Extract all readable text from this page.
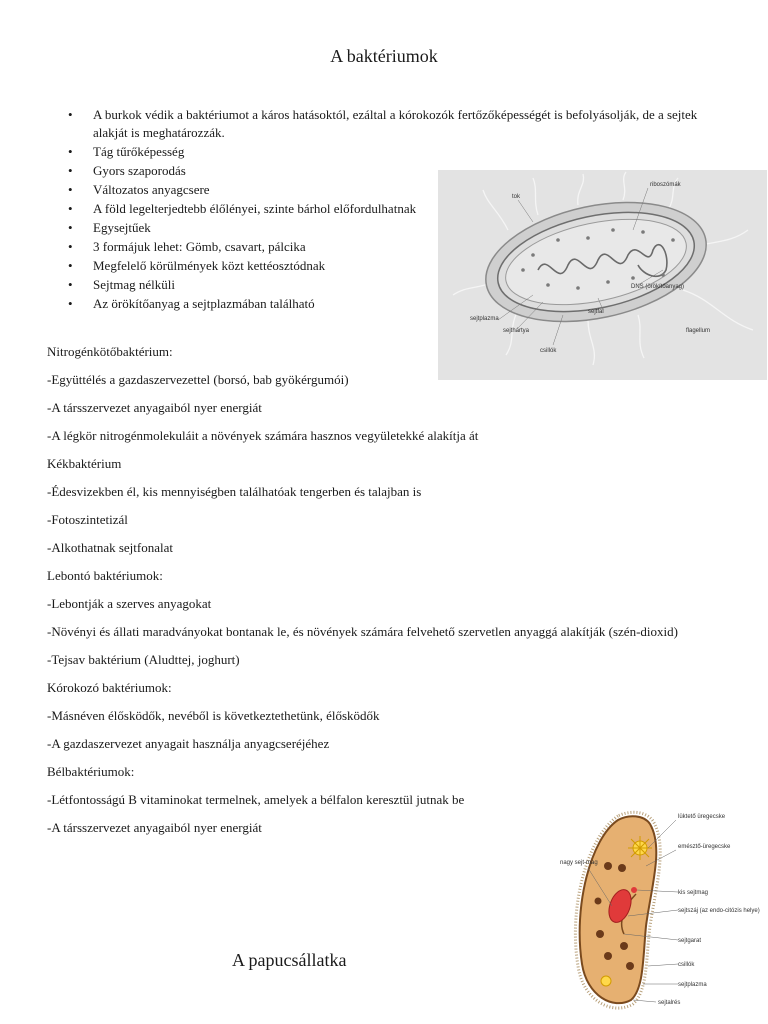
A baktériumok
• A burkok védik a baktériumot a káros hatásoktól, ezáltal a kórokozók fertőzőképességét is befolyásolják, de a sejtek alakját is meghatározzák.
• Tág tűrőképesség
• Gyors szaporodás
• Változatos anyagcsere
• A föld legelterjedtebb élőlényei, szinte bárhol előfordulhatnak
• Egysejtűek
• 3 formájuk lehet: Gömb, csavart, pálcika
• Megfelelő körülmények közt kettéosztódnak
• Sejtmag nélküli
• Az örökítőanyag a sejtplazmában található

Nitrogénkötőbaktérium:

-Együttélés a gazdaszervezettel (borsó, bab gyökérgumói)

-A társszervezet anyagaiból nyer energiát

-A légkör nitrogénmolekuláit a növények számára hasznos vegyületekké alakítja át

Kékbaktérium

-Édesvizekben él, kis mennyiségben találhatóak tengerben és talajban is

-Fotoszintetizál

-Alkothatnak sejtfonalat

Lebontó baktériumok:

-Lebontják a szerves anyagokat

-Növényi és állati maradványokat bontanak le, és növények számára felvehető szervetlen anyaggá alakítják (szén-dioxid)

-Tejsav baktérium (Aludttej, joghurt)

Kórokozó baktériumok:

-Másnéven élősködők, nevéből is következtethetünk, élősködők

-A gazdaszervezet anyagait használja anyagcseréjéhez

Bélbaktériumok:

-Létfontosságú B vitaminokat termelnek, amelyek a bélfalon keresztül jutnak be

-A társszervezet anyagaiból nyer energiát

tok
riboszómák
DNS (örökítőanyag)
sejtfal
sejtplazma
sejthártya
csillók
flagellum
lüktető üregecske
emésztő-üregecske
nagy sejt-mag
kis sejtmag
sejtszáj (az endo-citózis helye)
sejtgarat
csillók
sejtplazma
sejtalrés
A papucsállatka
